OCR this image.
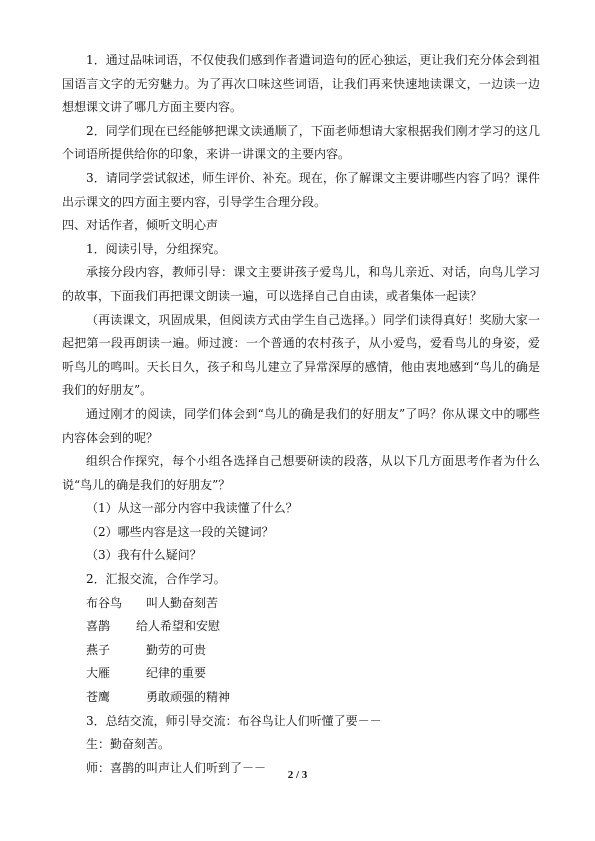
1．通过品味词语，不仅使我们感到作者遣词造句的匠心独运，更让我们充分体会到祖国语言文字的无穷魅力。为了再次口味这些词语，让我们再来快速地读课文，一边读一边想想课文讲了哪几方面主要内容。

2．同学们现在已经能够把课文读通顺了，下面老师想请大家根据我们刚才学习的这几个词语所提供给你的印象，来讲一讲课文的主要内容。

3．请同学尝试叙述，师生评价、补充。现在，你了解课文主要讲哪些内容了吗？课件出示课文的四方面主要内容，引导学生合理分段。

四、对话作者，倾听文明心声

1．阅读引导，分组探究。

承接分段内容，教师引导：课文主要讲孩子爱鸟儿，和鸟儿亲近、对话，向鸟儿学习的故事，下面我们再把课文朗读一遍，可以选择自己自由读，或者集体一起读？

（再读课文，巩固成果，但阅读方式由学生自己选择。）同学们读得真好！奖励大家一起把第一段再朗读一遍。师过渡：一个普通的农村孩子，从小爱鸟，爱看鸟儿的身姿，爱听鸟儿的鸣叫。天长日久，孩子和鸟儿建立了异常深厚的感情，他由衷地感到“鸟儿的确是我们的好朋友”。

通过刚才的阅读，同学们体会到“鸟儿的确是我们的好朋友”了吗？你从课文中的哪些内容体会到的呢？

组织合作探究，每个小组各选择自己想要研读的段落，从以下几方面思考作者为什么说“鸟儿的确是我们的好朋友”？

（1）从这一部分内容中我读懂了什么？

（2）哪些内容是这一段的关键词？

（3）我有什么疑问？

2．汇报交流，合作学习。

布谷鸟	叫人勤奋刻苦
喜鹊	给人希望和安慰
燕子	勤劳的可贵
大雁	纪律的重要
苍鹰	勇敢顽强的精神

3．总结交流，师引导交流：布谷鸟让人们听懂了要－－

生：勤奋刻苦。

师：喜鹊的叫声让人们听到了－－

2 / 3
